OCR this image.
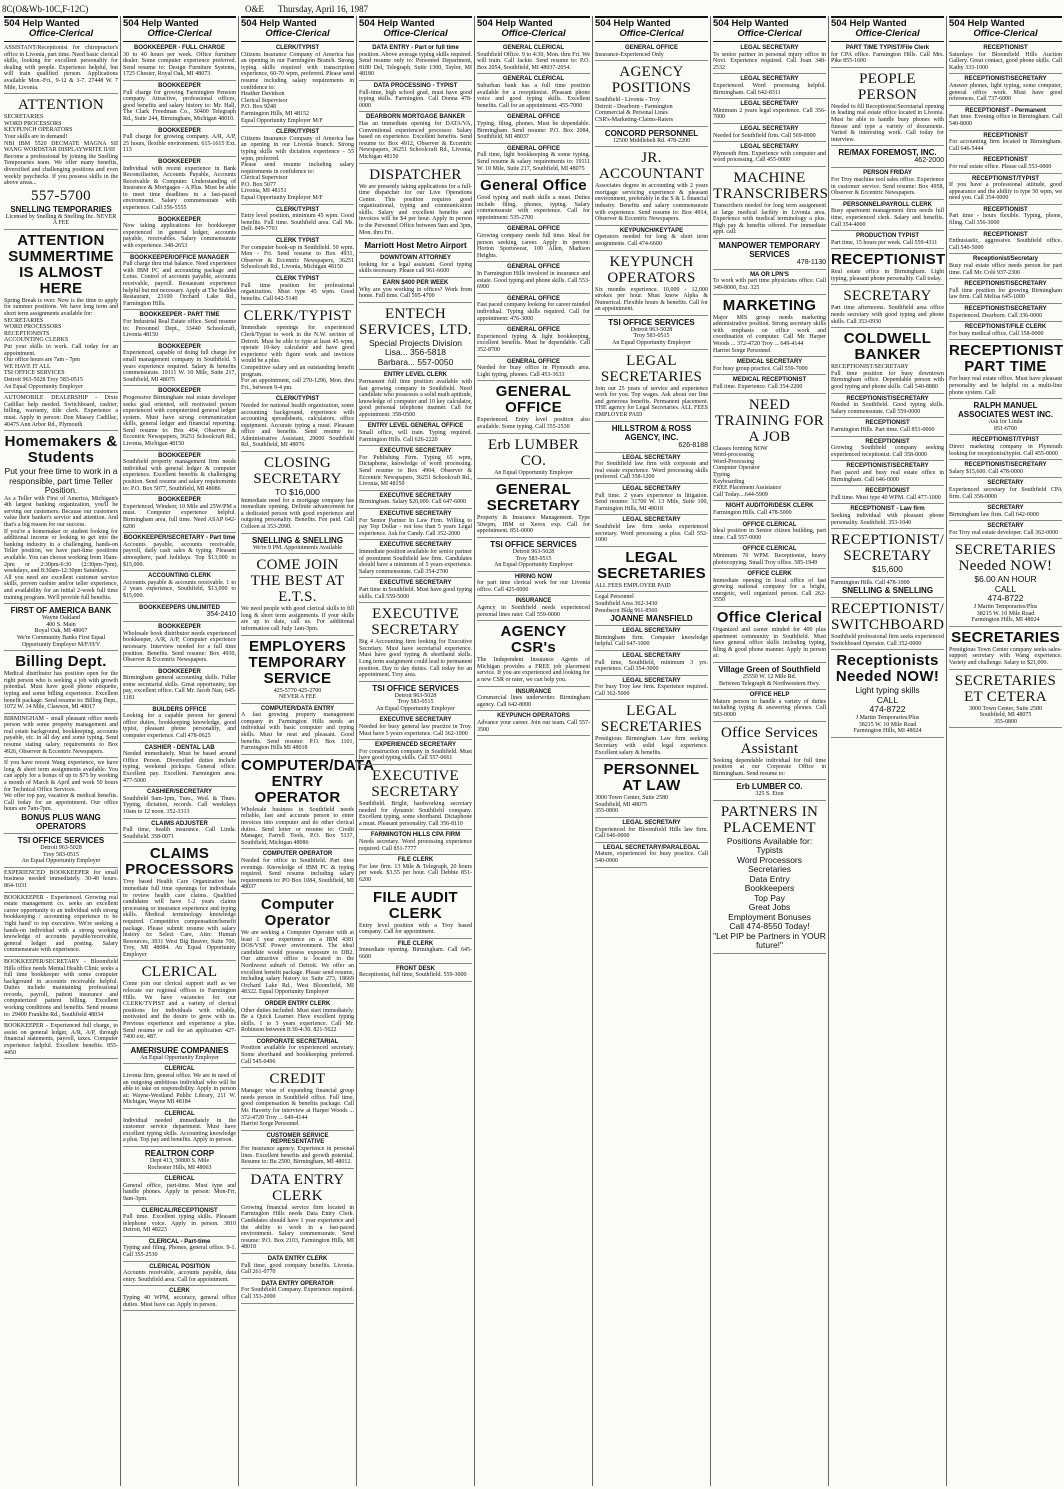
8C(O&Wb-10C,F-12C)	O&E Thursday, April 16, 1987
504 Help Wanted
Office-Clerical
ASSISTANT/Receptionist for chiropractor's office in Livonia, part time. Need basic clerical skills, looking for excellent personality for dealing with people. Experience helpful, but will train qualified person. Applications available Mon.-Fri., 9-12 & 3-7. 27448 W. 7 Mile, Livonia.
ATTENTION
SECRETARIES
WORD PROCESSORS
KEYPUNCH OPERATORS
Your skills are in demand!
NBI IBM 5520 DECMATE MAGNA SII WANG WORDSTAR DISPLAYWRITE II/III
Become a professional by joining the Snelling Temporaries team. We offer many benefits, diversified and challenging positions and even weekly paychecks. If you possess skills in the above areas...
557-5700
SNELLING TEMPORARIES
Licensed by Snelling & Snelling Inc. NEVER A FEE
ATTENTION SUMMERTIME IS ALMOST HERE
Spring Break is over. Now is the time to apply for summer positions. We have long term and short term assignments available for:
SECRETARIES
WORD PROCESSORS
RECEPTIONISTS
ACCOUNTING CLERKS
Put your skills to work. Call today for an appointment.
Our office hours are 7am - 7pm
WE HAVE IT ALL
TSI OFFICE SERVICES
Detroit 963-5028 Troy 583-0515
An Equal Opportunity Employer
AUTOMOBILE DEALERSHIP - Dixie Cadillac help needed. Switchboard, cashier, billing, warranty, title clerk. Experience a must. Apply in person: Don Massey Cadillac, 40475 Ann Arbor Rd., Plymouth
Homemakers & Students
Put your free time to work in a responsible, part time Teller Position.
As a Teller with First of America, Michigan's 4th largest banking organization, you'll be serving our customers. Because our customers value their banker's service and attention. And that's a big reason for our success.
If you're a homemaker or student looking for additional income or looking to get into the banking industry in a challenging, hands-on Teller position, we have part-time positions available. You can choose working from 10am-2pm or 2:30pm-6:30 (2:30pm-7pm), weekdays, and 8:30am-12:30pm Saturdays.
All you need are excellent customer service skills, proven cashier and/or teller experience, and availability for an initial 2-week full time training program. We'll provide full benefits.
FIRST OF AMERICA BANK
Wayne Oakland
400 S. Main
Royal Oak, MI 48067
We're Community Banks First Equal Opportunity Employer M/F/H/V
Billing Dept.
Medical distributor has position open for the right person who is seeking a job with growth potential. Must have good phone etiquette, typing and some billing experience. Excellent benefit package. Send resume to: Billing Dept., 1072 W. 14 Mile, Clawson, MI 48017
BIRMINGHAM - small pleasant office needs person with some property management and real estate background, bookkeeping, accounts payable, etc. in all day and some typing. Send resume stating salary requirements to Box 4926, Observer & Eccentric Newspapers.
If you have recent Wang experience, we have long & short term assignments available. You can apply for a bonus of up to $75 by working a month of March & April and work 50 hours for Technical Office Services.
We offer top pay, vacation & medical benefits. Call today for an appointment. Our office hours are 7am-7pm.
BONUS PLUS WANG OPERATORS
TSI OFFICE SERVICES
Detroit 963-5028
Troy 583-0515
An Equal Opportunity Employer
EXPERIENCED BOOKKEEPER for small business needed immediately. 30-40 hours. 864-1031
BOOKKEEPER - Experienced. Growing real estate management co. seeks an excellent career opportunity to an individual with strong bookkeeping / accounting experience to be 'right hand' to top executive. We're seeking a hands-on individual with a strong working knowledge of accounts payable/receivable, general ledger and posting. Salary commensurate with experience.
BOOKKEEPER/SECRETARY - Bloomfield Hills office needs Mental Health Clinic seeks a full time bookkeeper with some computer background in accounts receivable helpful. Duties include maintaining professional records, payroll, patient insurance and computerized patient billing. Excellent working conditions and benefits. Send resume to: 29400 Franklin Rd., Southfield 48034
BOOKKEEPER - Experienced full charge, to assist on general ledger, A/R, A/P, through financial statements, payroll, taxes. Computer experience helpful. Excellent benefits. 855-4450
504 Help Wanted
Office-Clerical
BOOKKEEPER - FULL CHARGE
30 to 40 hours per week. Office furniture dealer. Some computer experience preferred. Send resume to: Design Furniture Systems, 1725 Chester, Royal Oak, MI 48073
BOOKKEEPER
Full charge for growing Farmington Pension company. Attractive, professional offices, good benefits and salary history to: Mr. Hall, The Clark Freedman Co., 30400 Telegraph Rd., Suite 244, Birmingham, Michigan 48010.
BOOKKEEPER
Full charge for growing company. A/R, A/P, 25 hours, flexible environment. 615-1615 Ext. 113
BOOKKEEPER
Individual with recent experience in Bank Reconciliation, Accounts Payable, Accounts Receivable & Computer. Understanding of Insurance & Mortgages - A Plus. Must be able to meet time deadlines in a fast-paced environment. Salary commensurate with experience. Call 356-5555
BOOKKEEPER
Now taking applications for bookkeeper experienced in general ledger, accounts payable, receivables. Salary commensurate with experience. 348-2653
BOOKKEEPER/OFFICE MANAGER
Full charge thru trial balance. Need experience with IBM PC and accounting package and Lotus. Control of accounts payable, accounts receivable, payroll. Restaurant experience helpful but not necessary. Apply at The Stables Restaurant, 23100 Orchard Lake Rd., Farmington Hills.
BOOKKEEPER - PART TIME
For Industrial Real Estate office. Send resume to: Personnel Dept., 33440 Schoolcraft, Livonia 48150
BOOKKEEPER
Experienced, capable of doing full charge for small management company in Southfield. 5 years experience required. Salary & benefits commensurate. 19111 W. 10 Mile, Suite 217, Southfield, MI 48075
BOOKKEEPER
Progressive Birmingham real estate developer seeks goal oriented, self motivated person experienced with computerized general ledger system. Must have strong communication skills, general ledger and financial reporting. Send resume to: Box 494, Observer & Eccentric Newspapers, 36251 Schoolcraft Rd., Livonia, Michigan 48150
BOOKKEEPER
Southfield property management firm needs individual with general ledger & computer experience. Excellent benefits & challenging position. Send resume and salary requirements to: P.O. Box 5077, Southfield, MI 48086
BOOKKEEPER
Experienced, Windsor, 10 Mile and 25W/PM a must. Computer experience helpful. Birmingham area, full time. Need ASAP 642-6200
BOOKKEEPER/SECRETARY - Part time
Accounts payable, accounts receivable, payroll, daily cash sales & typing. Pleasant atmosphere, paid holidays. Top $13,000 to $15,000.
ACCOUNTING CLERK
Accounts payable & accounts receivable. 1 to 2 years experience, Southfield, $13,000 to $15,000.
BOOKKEEPERS UNLIMITED
354-2410
BOOKKEEPER
Wholesale book distributor needs experienced bookkeeper, A/R, A/P, Computer experience necessary. Interview needed for a full time position. Benefits. Send resume: Box 4930, Observer & Eccentric Newspapers.
BOOKKEEPER
Birmingham general accounting skills. Fuller some secretarial skills. Great opportunity, top pay, excellent office. Call Mr. Jacob Nan, 645-1181
BUILDERS OFFICE
Looking for a capable person for general office duties, bookkeeping knowledge, good typist, pleasant phone personality, and computer experience. Call 478-0625
CASHIER - DENTAL LAB
Needed immediately. Must be based around Office Person. Diversified duties include typing, weekend pickups. General office. Excellent pay. Excellent. Farmington area. 477-5000
CASHIER/SECRETARY
Southfield 9am-1pm, Tues., Wed. & Thurs. Typing, dictation, records. Call weekdays 10am to 12 noon. 352-3313
CLAIMS ADJUSTER
Full time, health insurance. Call Linda. Southfield. 358-0071
CLAIMS PROCESSORS
Troy based Health Care Organization has immediate full time openings for individuals to review health care claims. Qualified candidates will have 1-2 years claims processing or insurance experience and typing skills. Medical terminology knowledge required. Competitive compensation/benefit package. Please submit resume with salary history to: Select Care, Attn: Human Resources, 3031 West Big Beaver, Suite 700, Troy, MI 48084. An Equal Opportunity Employer
CLERICAL
Come join our clerical support staff as we relocate our regional offices to Farmington Hills. We have vacancies for our CLERK/TYPIST and a variety of clerical positions for individuals with reliable, motivated and the desire to grow with us. Previous experience and experience a plus. Send resume or call for an application 427-7400 ext. 487.
AMERISURE COMPANIES
An Equal Opportunity Employer
CLERICAL
Livonia firm, general office. We are in need of an outgoing ambitious individual who will be able to take on responsibility. Apply in person at: Wayne-Westland Public Library, 211 W. Michigan, Wayne MI 48184
CLERICAL
Individual needed immediately in the customer service department. Must have excellent typing skills. Accounting knowledge a plus. Top pay and benefits. Apply in person.
REALTRON CORP
Dept 413, 30800 S. Mile
Rochester Hills, MI 48063
CLERICAL
General office, part-time. Must type and handle phones. Apply in person: Mon-Fri, 9am-3pm.
CLERICAL/RECEPTIONIST
Full time. Excellent typing skills. Pleasant telephone voice. Apply in person. 3810 Detroit, MI 48223
CLERICAL - Part-time
Typing and filing. Phones, general office. 9-1. Call 355-2530
CLERICAL POSITION
Accounts receivable, accounts payable, data entry. Southfield area. Call for appointment.
CLERK
Typing 40 WPM, accuracy, general office duties. Must have car. Apply in person.
504 Help Wanted
Office-Clerical
CLERK/TYPIST
Citizens Insurance Company of America has an opening in our Farmington Branch. Strong typing skills required with transcription experience, 60-70 wpm, preferred. Please send resume including salary requirements in confidence to:
Heather Davidson
Clerical Supervisor
P.O. Box 9248
Farmington Hills, MI 48152
Equal Opportunity Employer M/F
CLERK/TYPIST
Citizens Insurance Company of America has an opening in our Livonia branch. Strong typing skills with dictation experience - 55 wpm, preferred.
Please send resume including salary requirements in confidence to:
Clerical Supervisor
P.O. Box 5077
Livonia, MI 48151
Equal Opportunity Employer M/F
CLERK/TYPIST
Entry level position, minimum 45 wpm. Good benefits. Full time. Southfield area. Call Ms. Delf. 849-7701
CLERK TYPIST
For computer hook-up in Southfield. 50 wpm. Mon - Fri. Send resume to Box 4931, Observer & Eccentric Newspapers, 36251 Schoolcraft Rd., Livonia, Michigan 48150
CLERK TYPIST
Full time position for professional organization. Must type 45 wpm. Good benefits. Call 642-5140
CLERK/TYPIST
Immediate openings for experienced Clerk/Typist to work in the N.W. section of Detroit. Must be able to type at least 45 wpm, operate 10-key calculator and have good experience with figure work and invoices would be a plus.
Competitive salary and an outstanding benefit program.
For an appointment, call 270-1296, Mon. thru Fri., between 9-4 pm.
CLERK/TYPIST
Needed for national health organization, some accounting background, experience with accounting spreadsheets, calculators, office equipment. Accurate typing a must. Pleasant office and benefits. Send resume to: Administrative Assistant, 29000 Southfield Rd., Southfield, MI 48076
CLOSING SECRETARY
TO $16,000
Immediate need for a mortgage company has immediate opening. Definite advancement for a dedicated person with good experience and outgoing personality. Benefits. Fee paid. Call Colleen at 353-2090.
SNELLING & SNELLING
We're 9 PM. Appointments Available
COME JOIN THE BEST AT E.T.S.
We need people with good clerical skills to fill long & short term assignments. If your skills are up to date, call us. For additional information call Judy 1am-3pm.
EMPLOYERS TEMPORARY SERVICE
425-5770 425-2700
NEVER A FEE
COMPUTER/DATA ENTRY
A fast growing property management company in Farmington Hills needs an individual with basic computer and typing skills. Must be neat and pleasant. Good benefits. Send resume: P.O. Box 1101, Farmington Hills MI 48018
COMPUTER/DATA ENTRY OPERATOR
Wholesale business in Southfield needs reliable, fast and accurate person to enter invoices into computer and do other clerical duties. Send letter or resume to: Credit Manager, Farrell Tools, P.O. Box 5137, Southfield, Michigan 48086
COMPUTER OPERATOR
Needed for office in Southfield. Part time evenings. Knowledge of IBM PC & typing required. Send resume including salary requirements to: PO Box 1084, Southfield, MI 48037
Computer Operator
We are seeking a Computer Operator with at least 1 year experience on a IBM 4381 DOS/VSE Power environment. The ideal candidate would possess exposure to DB2. Our attractive office is located in the Northwest suburb of Detroit. We offer an excellent benefit package. Please send resume, including salary history to: Suite 273, 18669 Orchard Lake Rd., West Bloomfield, MI 48322. Equal Opportunity Employer
ORDER ENTRY CLERK
Other duties included. Must start immediately. Be a Quick Learner. Have excellent typing skills. 1 to 3 years experience. Call Mr. Robinson between 8:30-4:30. 821-5622
CORPORATE SECRETARIAL
Position available for experienced secretary. Some shorthand and bookkeeping preferred. Call 545-0496
CREDIT
Manager wise of expanding financial group needs person in Southfield office. Full time, good compensation & benefits package. Call Mr. Haverty for interview at Harper Woods ... 372-4720 Troy ... 649-4144
Harriet Sorge Personnel
CUSTOMER SERVICE REPRESENTATIVE
For insurance agency. Experience in personal lines. Excellent benefits and growth potential. Resume to: Bu 2500, Birmingham, MI 48012.
DATA ENTRY CLERK
Growing financial service firm located in Farmington Hills needs Data Entry Clerk. Candidates should have 1 year experience and the ability to work in a fast-paced environment. Salary commensurate. Send resume: P.O. Box 2103, Farmington Hills, MI 48018
DATA ENTRY CLERK
Full time, good company benefits. Livonia. Call 261-0770
DATA ENTRY OPERATOR
For Southfield Company. Experience required. Call 353-2000
504 Help Wanted
Office-Clerical
DATA ENTRY - Part or full time
position. Above average typing skills required. Send resume only to: Personnel Department, 8180 Del, Telegraph, Suite 1300, Taylor, MI 48180
DATA PROCESSING - TYPIST
Full-time, high school grad, must have good typing skills. Farmington. Call Donna 478-0000
DEARBORN MORTGAGE BANKER
Has an immediate opening for DATA/VA, Conventional experienced processor. Salary based on experience. Excellent benefits. Send resume to: Box 4912, Observer & Eccentric Newspapers, 36251 Schoolcraft Rd., Livonia, Michigan 48150
DISPATCHER
We are presently taking applications for a full-time dispatcher for our Live Operations Center. This position requires good organizational, typing and communication skills. Salary and excellent benefits and invoices will be $4 per hour. Apply in person to the Personnel Office between 9am and 3pm, Mon. thru Fri.
Marriott Host Metro Airport
DOWNTOWN ATTORNEY
looking for a legal assistant. Good typing skills necessary. Please call 961-6600
EARN $400 PER WEEK
Why are you working in offices? Work from home. Full time. Call 595-4700
ENTECH SERVICES, LTD.
Special Projects Division
Lisa... 356-5818
Barbara... 557-0050
ENTRY LEVEL CLERK
Permanent full time position available with fast growing company in Southfield. Need candidate who possesses a solid math aptitude, knowledge of computer and 10 key calculator, good personal telephone manner. Call for appointment: 358-0500
ENTRY LEVEL GENERAL OFFICE
Small office, will train. Typing required. Farmington Hills. Call 626-2220
EXECUTIVE SECRETARY
For Publishing Firm. Typing 65 wpm, Dictaphone, knowledge of word processing. Send resume to Box 4904, Observer & Eccentric Newspapers, 36251 Schoolcraft Rd., Livonia, MI 48150
EXECUTIVE SECRETARY
Birmingham. Salary $20,000. Call 647-6000
EXECUTIVE SECRETARY
For Senior Partner In Law Firm. Willing to pay Top Dollar - not less than 5 years Legal experience. Ask for Candy. Call 352-2000
EXECUTIVE SECRETARY
Immediate position available for senior partner of prominent Southfield law firm. Candidates should have a minimum of 5 years experience. Salary commensurate. Call 354-2700
EXECUTIVE SECRETARY
Part time in Southfield. Must have good typing skills. Call 559-5000
EXECUTIVE SECRETARY
Big 4 Accounting firm looking for Executive Secretary. Must have secretarial experience. Must have good typing & shorthand skills. Long term assignment could lead to permanent position. Day to day duties. Call today for an appointment. Troy area.
TSI OFFICE SERVICES
Detroit 963-5028
Troy 583-0515
An Equal Opportunity Employer
EXECUTIVE SECRETARY
Needed for busy general law practice in Troy. Must have 5 years experience. Call 362-1900
EXPERIENCED SECRETARY
For construction company in Southfield. Must have good typing skills. Call 557-0661
EXECUTIVE SECRETARY
Southfield. Bright, hardworking secretary needed for dynamic Southfield company. Excellent typing, some shorthand. Dictaphone a must. Pleasant personality. Call 356-8110
FARMINGTON HILLS CPA FIRM
Needs secretary. Word processing experience required. Call 851-7777
FILE CLERK
For law firm. 13 Mile & Telegraph, 20 hours per week. $3.55 per hour. Call Debbie 851-6200
FILE AUDIT CLERK
Entry level position with a Troy based company. Call for appointment.
FILE CLERK
Immediate opening. Birmingham. Call 645-6600
FRONT DESK
Receptionist, full time, Southfield. 559-3000
504 Help Wanted
Office-Clerical
GENERAL CLERICAL
Southfield Office. 9 to 4:30, Mon. thru Fri. We will train. Call Jackie. Send resume to: P.O. Box 2054, Southfield, MI 48037-2054.
GENERAL CLERICAL
Suburban bank has a full time position available for a receptionist. Pleasant phone voice and good typing skills. Excellent benefits. Call for an appointment. 455-7000
GENERAL OFFICE
Typing, filing, phones. Must be dependable. Birmingham. Send resume: P.O. Box 2084, Southfield, MI 48037
GENERAL OFFICE
Full time, light bookkeeping & some typing. Send resume & salary requirements to: 19111 W. 10 Mile, Suite 217, Southfield, MI 48075
General Office
Good typing and math skills a must. Duties include filing, phones, typing. Salary commensurate with experience. Call for appointment: 535-2700
GENERAL OFFICE
Growing company needs full time. Ideal for person seeking career. Apply in person: Horton Sportswear, 100 Allen, Madison Heights.
GENERAL OFFICE
In Farmington Hills involved in insurance and estate. Good typing and phone skills. Call 553-6900
GENERAL OFFICE
Fast paced company looking for career minded individual. Typing skills required. Call for appointment: 476-3000
GENERAL OFFICE
Experienced typing & light bookkeeping, excellent benefits. Must be dependable. Call 352-8700
GENERAL OFFICE
Needed for busy office in Plymouth area. Light typing, phones. Call 453-3633
GENERAL OFFICE
Experienced. Entry level position also available. Some typing. Call 355-2530
Erb LUMBER CO.
An Equal Opportunity Employer
GENERAL SECRETARY
Property & Insurance Management. Type 50wpm, IBM or Xerox exp. Call for appointment. 851-0000
TSI OFFICE SERVICES
Detroit 963-5028
Troy 583-0515
An Equal Opportunity Employer
HIRING NOW
for part time clerical work for our Livonia office. Call 425-0000
INSURANCE
Agency in Southfield needs experienced personal lines rater. Call 559-0000
AGENCY CSR's
The Independent Insurance Agents of Michigan provides a FREE job placement service. If you are experienced and looking for a new CSR or rater, we can help you.
INSURANCE
Commercial lines underwriter. Birmingham agency. Call 642-8000
KEYPUNCH OPERATORS
Advance your career. Join our team. Call 557-3500
504 Help Wanted
Office-Clerical
GENERAL OFFICE
Insurance-Experienced Only
AGENCY POSITIONS
Southfield - Livonia - Troy
Detroit - Dearborn - Farmington
Commercial & Personal Lines
CSR's-Marketing-Claims-Raters
CONCORD PERSONNEL
12500 Middlebelt Rd. 478-2200
JR. ACCOUNTANT
Associates degree in accounting with 2 years mortgage servicing experience & pleasant environment, preferably in the S & L financial industry. Benefits and salary commensurate with experience. Send resume to: Box 4914, Observer & Eccentric Newspapers.
KEYPUNCH/KEYTAPE
Operators needed for long & short term assignments. Call 474-6600
KEYPUNCH OPERATORS
Six months experience. 10,000 - 12,000 strokes per hour. Must know Alpha & Numerical. Flexible hours & benefits. Call for an appointment.
TSI OFFICE SERVICES
Detroit 963-5028
Troy 583-0515
An Equal Opportunity Employer
LEGAL SECRETARIES
Join our 25 years of service and experience work for you. Top wages. Ask about our fine and generous benefits. Permanent placement. THE agency for Legal Secretaries. ALL FEES EMPLOYER PAID
HILLSTROM & ROSS AGENCY, INC.
626-8188
LEGAL SECRETARY
For Southfield law firm with corporate and real estate experience. Word processing skills preferred. Call 358-1200
LEGAL SECRETARY
Full time. 2 years experience in litigation. Send resume: 31700 W. 13 Mile, Suite 100, Farmington Hills, MI 48018
LEGAL SECRETARY
Southfield law firm seeks experienced secretary. Word processing a plus. Call 552-1000
LEGAL SECRETARIES
ALL FEES EMPLOYER PAID
Legal Personnel
Southfield Area 362-3430
Penobscot Bldg 961-8560
JOANNE MANSFIELD
LEGAL SECRETARY
Birmingham firm. Computer knowledge helpful. Call 647-1000
LEGAL SECRETARY
Full time, Southfield, minimum 3 yrs. experience. Call 354-3000
LEGAL SECRETARY
For busy Troy law firm. Experience required. Call 362-5000
LEGAL SECRETARIES
Prestigious Birmingham Law firm seeking Secretary with solid legal experience. Excellent salary & benefits.
PERSONNEL AT LAW
3000 Town Center, Suite 2580
Southfield, MI 48075
355-0800
LEGAL SECRETARY
Experienced for Bloomfield Hills law firm. Call 646-0000
LEGAL SECRETARY/PARALEGAL
Mature, experienced for busy practice. Call 540-0900
504 Help Wanted
Office-Clerical
LEGAL SECRETARY
To senior partner in personal injury office in Novi. Experience required. Call Joan 348-2532
LEGAL SECRETARY
Experienced. Word processing helpful. Birmingham. Call 642-8311
LEGAL SECRETARY
Minimum 2 years legal experience. Call 356-7000
LEGAL SECRETARY
Needed for Southfield firm. Call 569-0000
LEGAL SECRETARY
Plymouth firm. Experience with computer and word processing. Call 455-0000
MACHINE TRANSCRIBERS
Transcribers needed for long term assignment at large medical facility in Livonia area. Experience with medical terminology a plus. High pay & benefits offered. For immediate appt. call:
MANPOWER TEMPORARY SERVICES
478-1130
MA OR LPN'S
To work with part time physicians office. Call 349-8000, Ext. 325
MARKETING
Major MIS group needs marketing administrative position. Strong secretary skills with emphasis on office work and coordination of computer. Call Mr. Harper Woods ... 372-4720 Troy ... 649-4144
Harriet Sorge Personnel
MEDICAL SECRETARY
For busy group practice. Call 559-7000
MEDICAL RECEPTIONIST
Full time. Experience. Call 354-2200
NEED TRAINING FOR A JOB
Classes forming NOW
Word-processing
Word-Processing
Computer Operator
Typing
Keyboarding
FREE Placement Assistance
Call Today....644-5909
NIGHT AUDITOR/DESK CLERK
Farmington Hills. Call 478-5000
OFFICE CLERICAL
Ideal position in Senior citizen building, part time. Call 557-0000
OFFICE CLERICAL
Minimum 70 WPM. Receptionist, heavy photocopying. Small Troy office. 585-1949
OFFICE CLERK
Immediate opening in local office of fast growing national company for a bright, energetic, well organized person. Call 262-3550
Office Clerical
Organized and career minded for 400 plus apartment community in Southfield. Must have general office skills including typing, filing & good phone manner. Apply in person at:
Village Green of Southfield
25550 W. 12 Mile Rd.
Between Telegraph & Northwestern Hwy.
OFFICE HELP
Mature person to handle a variety of duties including typing & answering phones. Call 583-0000
Office Services Assistant
Seeking dependable individual for full time position at our Corporate Office in Birmingham. Send resume to:
Erb LUMBER CO.
325 S. Eton
PARTNERS IN PLACEMENT
Positions Available for:
Typists
Word Processors
Secretaries
Data Entry
Bookkeepers
Top Pay
Great Jobs
Employment Bonuses
Call 474-8550 Today!
"Let PIP be Partners in YOUR future!"
504 Help Wanted
Office-Clerical
PART TIME TYPIST/File Clerk
for CPA office. Farmington Hills. Call Mrs. Pike 855-1600
PEOPLE PERSON
Needed to fill Receptionist/Secretarial opening in leading real estate office located in Livonia. Must be able to handle busy phones with finesse and type a variety of documents. Varied & interesting work. Call today for interview.
RE/MAX FOREMOST, INC.
462-2000
PERSON FRIDAY
For Troy machine tool sales office. Experience in customer service. Send resume: Box 4958, Observer & Eccentric Newspapers.
PERSONNEL/PAYROLL CLERK
Busy apartment management firm needs full time, experienced clerk. Salary and benefits. Call 354-4000
PRODUCTION TYPIST
Part time, 15 hours per week. Call 559-4311
RECEPTIONIST
Real estate office in Birmingham. Light typing, pleasant phone personality. Call today.
SECRETARY
Part time afternoons. Southfield area office needs secretary with good typing and phone skills. Call 353-0930
COLDWELL BANKER
RECEPTIONIST/SECRETARY
Full time position for busy downtown Birmingham office. Dependable person with good typing and phone skills. Call 540-8880
RECEPTIONIST/SECRETARY
Needed in Southfield. Good typing skills. Salary commensurate. Call 559-0000
RECEPTIONIST
Farmington Hills. Part time. Call 851-0000
RECEPTIONIST
Growing Southfield company seeking experienced receptionist. Call 358-0000
RECEPTIONIST/SECRETARY
Fast paced and busy real estate office in Birmingham. Call 646-0000
RECEPTIONIST
Full time. Must type 40 WPM. Call 477-1000
RECEPTIONIST - Law firm
Seeking individual with pleasant phone personality. Southfield. 353-1040
RECEPTIONIST/ SECRETARY
$15,600
Farmington Hills. Call 478-1000
SNELLING & SNELLING
RECEPTIONIST/ SWITCHBOARD
Southfield professional firm seeks experienced Switchboard Operator. Call 352-0000
Receptionists Needed NOW!
Light typing skills
CALL
474-8722
J Martin Temporaries/Plus
38215 W. 10 Mile Road
Farmington Hills, MI 48024
504 Help Wanted
Office-Clerical
RECEPTIONIST
Saturdays for Bloomfield Hills Auction Gallery. Great contact, good phone skills. Call Kathy 333-1000
RECEPTIONIST/SECRETARY
Answer phones, light typing, some computer, general office work. Must have good references. Call 737-6000
RECEPTIONIST - Permanent
Part time. Evening office in Birmingham. Call 540-8000
RECEPTIONIST
For accounting firm located in Birmingham. Call 646-5444
RECEPTIONIST
For real estate office. Please call 553-0000
RECEPTIONIST/TYPIST
If you have a professional attitude, good appearance and the ability to type 50 wpm, we need you. Call 354-0000
RECEPTIONIST
Part time - hours flexible. Typing, phone, filing. Call 356-3000
RECEPTIONIST
Enthusiastic, aggressive. Southfield office. Call 540-5000
Receptionist/Secretary
Busy real estate office needs person for part time. Call Mr. Colé 937-2300
RECEPTIONIST/SECRETARY
Full time position for growing Birmingham law firm. Call Melisa 645-1000
RECEPTIONIST/SECRETARY
Experienced. Dearborn. Call 336-0000
RECEPTIONIST/FILE CLERK
For busy medical office. Call 358-0000
RECEPTIONIST PART TIME
For busy real estate office. Must have pleasant personality and be helpful on a multi-line phone system. Call:
RALPH MANUEL ASSOCIATES WEST INC.
Ask for Linda
851-6700
RECEPTIONIST/TYPIST
Direct marketing company in Plymouth looking for receptionist/typist. Call 455-0000
RECEPTIONIST/SECRETARY
Salary $15,600. Call 478-0000
SECRETARY
Experienced secretary for Southfield CPA firm. Call 358-0000
SECRETARY
Birmingham law firm. Call 642-0000
SECRETARY
For Troy real estate developer. Call 362-0000
SECRETARIES Needed NOW!
$6.00 AN HOUR
CALL
474-8722
J Martin Temporaries/Plus
38215 W. 10 Mile Road
Farmington Hills, MI 48024
SECRETARIES
Prestigious Town Center company seeks sales-support secretary with Wang experience. Variety and challenge. Salary to $21,000.
SECRETARIES ET CETERA
3000 Town Center, Suite 2580
Southfield, MI 48075
355-0800
